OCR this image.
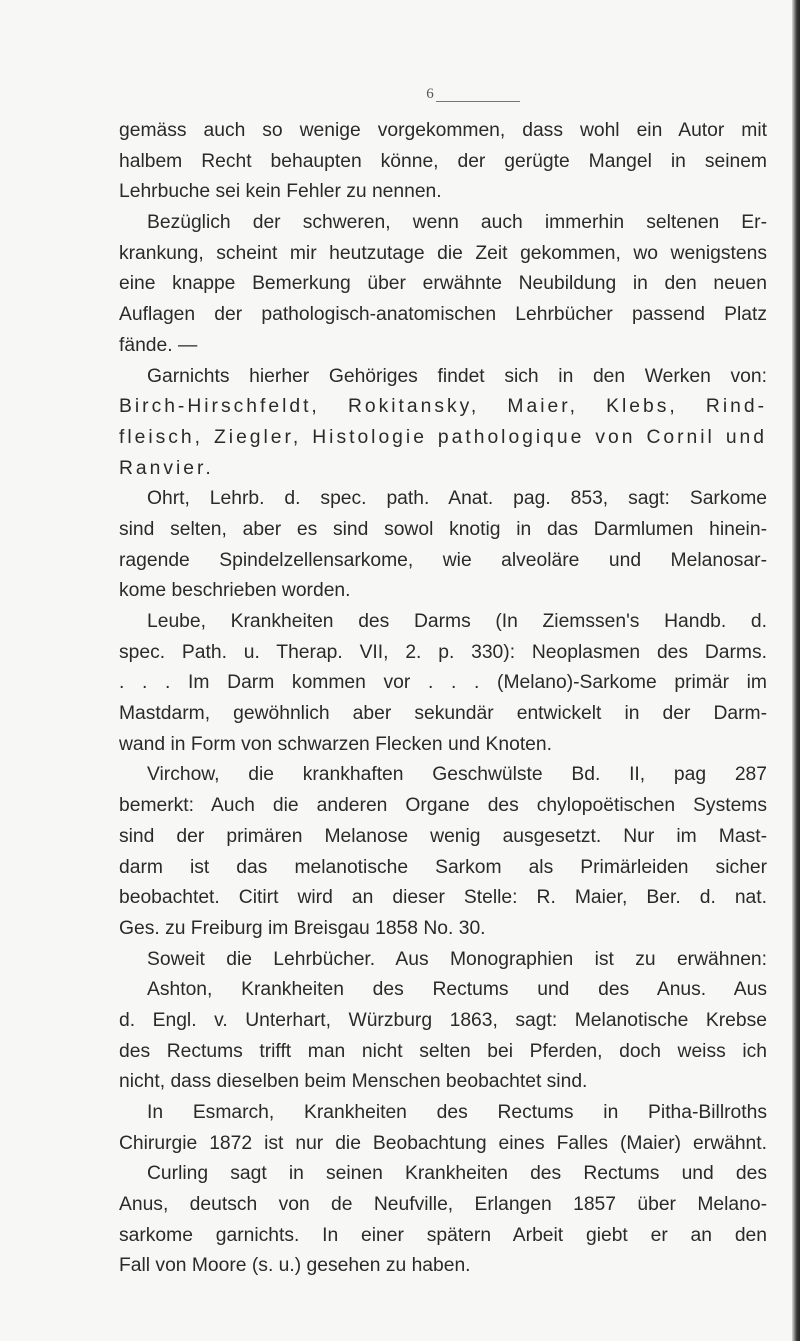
6
gemäss auch so wenige vorgekommen, dass wohl ein Autor mit
halbem Recht behaupten könne, der gerügte Mangel in seinem
Lehrbuche sei kein Fehler zu nennen.
Bezüglich der schweren, wenn auch immerhin seltenen Er-
krankung, scheint mir heutzutage die Zeit gekommen, wo wenigstens
eine knappe Bemerkung über erwähnte Neubildung in den neuen
Auflagen der pathologisch-anatomischen Lehrbücher passend Platz
fände. —
Garnichts hierher Gehöriges findet sich in den Werken von:
Birch-Hirschfeldt, Rokitansky, Maier, Klebs, Rind-
fleisch, Ziegler, Histologie pathologique von Cornil und
Ranvier.
Ohrt, Lehrb. d. spec. path. Anat. pag. 853, sagt: Sarkome
sind selten, aber es sind sowol knotig in das Darmlumen hinein-
ragende Spindelzellensarkome, wie alveoläre und Melanosar-
kome beschrieben worden.
Leube, Krankheiten des Darms (In Ziemssen's Handb. d.
spec. Path. u. Therap. VII, 2. p. 330): Neoplasmen des Darms.
. . . Im Darm kommen vor . . . (Melano)-Sarkome primär im
Mastdarm, gewöhnlich aber sekundär entwickelt in der Darm-
wand in Form von schwarzen Flecken und Knoten.
Virchow, die krankhaften Geschwülste Bd. II, pag 287
bemerkt: Auch die anderen Organe des chylopoëtischen Systems
sind der primären Melanose wenig ausgesetzt. Nur im Mast-
darm ist das melanotische Sarkom als Primärleiden sicher
beobachtet. Citirt wird an dieser Stelle: R. Maier, Ber. d. nat.
Ges. zu Freiburg im Breisgau 1858 No. 30.
Soweit die Lehrbücher. Aus Monographien ist zu erwähnen:
Ashton, Krankheiten des Rectums und des Anus. Aus
d. Engl. v. Unterhart, Würzburg 1863, sagt: Melanotische Krebse
des Rectums trifft man nicht selten bei Pferden, doch weiss ich
nicht, dass dieselben beim Menschen beobachtet sind.
In Esmarch, Krankheiten des Rectums in Pitha-Billroths
Chirurgie 1872 ist nur die Beobachtung eines Falles (Maier) erwähnt.
Curling sagt in seinen Krankheiten des Rectums und des
Anus, deutsch von de Neufville, Erlangen 1857 über Melano-
sarkome garnichts. In einer spätern Arbeit giebt er an den
Fall von Moore (s. u.) gesehen zu haben.
